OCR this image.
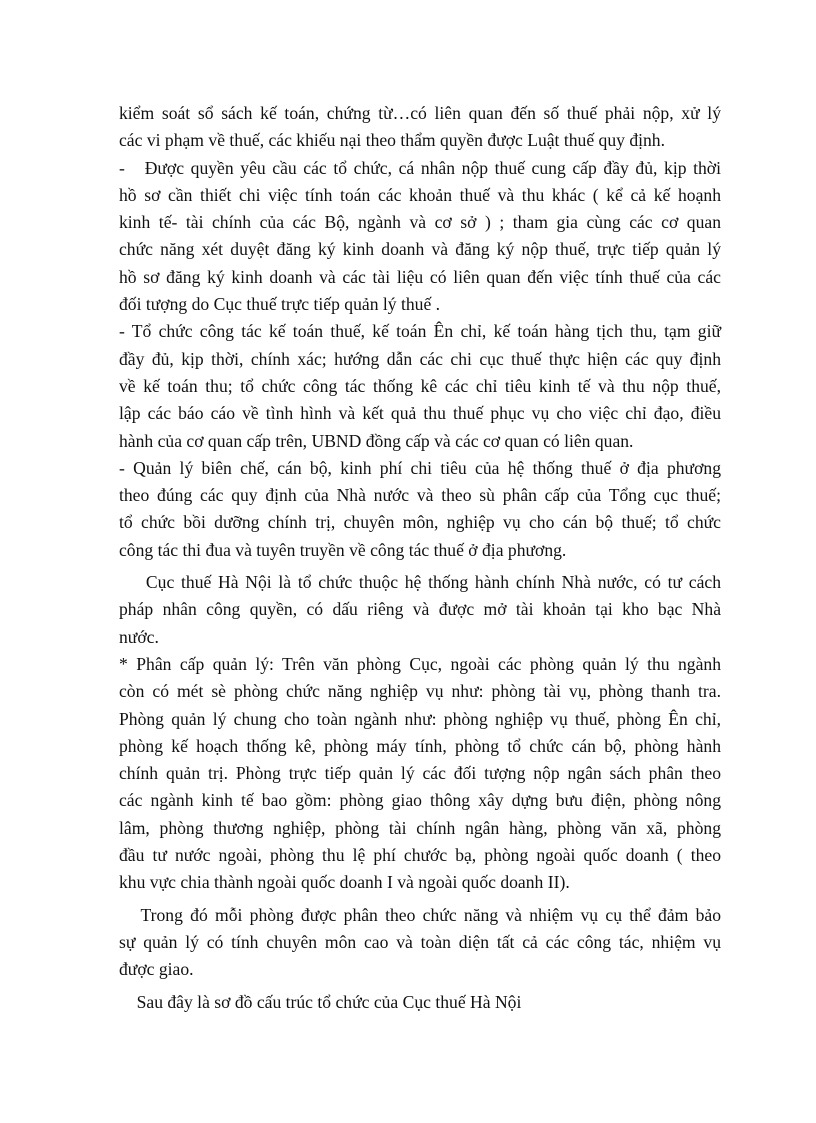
kiểm soát sổ sách kế toán, chứng từ…có liên quan đến số thuế phải nộp, xử lý
các vi phạm về thuế, các khiếu nại theo thẩm quyền được Luật thuế quy định.
-   Được quyền yêu cầu các tổ chức, cá nhân nộp thuế cung cấp đầy đủ, kịp thời
hồ sơ cần thiết chi việc tính toán các khoản thuế và thu khác ( kể cả kế hoạnh
kinh tế- tài chính của các Bộ, ngành và cơ sở ) ; tham gia cùng các cơ quan
chức năng xét duyệt đăng ký kinh doanh và đăng ký nộp thuế, trực tiếp quản lý
hồ sơ đăng ký kinh doanh và các tài liệu có liên quan đến việc tính thuế của các
đối tượng do Cục thuế trực tiếp quản lý thuế .
- Tổ chức công tác kế toán thuế, kế toán Ên chỉ, kế toán hàng tịch thu, tạm giữ
đầy đủ, kịp thời, chính xác; hướng dẫn các chi cục thuế thực hiện các quy định
về kế toán thu; tổ chức công tác thống kê các chỉ tiêu kinh tế và thu nộp thuế,
lập các báo cáo về tình hình và kết quả thu thuế phục vụ cho việc chỉ đạo, điều
hành của cơ quan cấp trên, UBND đồng cấp và các cơ quan có liên quan.
- Quản lý biên chế, cán bộ, kinh phí chi tiêu của hệ thống thuế ở địa phương
theo đúng các quy định của Nhà nước và theo sù phân cấp của Tổng cục thuế;
tổ chức bồi dưỡng chính trị, chuyên môn, nghiệp vụ cho cán bộ thuế; tổ chức
công tác thi đua và tuyên truyền về công tác thuế ở địa phương.
Cục thuế Hà Nội là tổ chức thuộc hệ thống hành chính Nhà nước, có tư cách
pháp nhân công quyền, có dấu riêng và được mở tài khoản tại kho bạc Nhà
nước.
* Phân cấp quản lý: Trên văn phòng Cục, ngoài các phòng quản lý thu ngành
còn có mét sè phòng chức năng nghiệp vụ như: phòng tài vụ, phòng thanh tra.
Phòng quản lý chung cho toàn ngành như: phòng nghiệp vụ thuế, phòng Ên chỉ,
phòng kế hoạch thống kê, phòng máy tính, phòng tổ chức cán bộ, phòng hành
chính quản trị. Phòng trực tiếp quản lý các đối tượng nộp ngân sách phân theo
các ngành kinh tế bao gồm: phòng giao thông xây dựng bưu điện, phòng nông
lâm, phòng thương nghiệp, phòng tài chính ngân hàng, phòng văn xã, phòng
đầu tư nước ngoài, phòng thu lệ phí chước bạ, phòng ngoài quốc doanh ( theo
khu vực chia thành ngoài quốc doanh I và ngoài quốc doanh II).
Trong đó mỗi phòng được phân theo chức năng và nhiệm vụ cụ thể đảm bảo
sự quản lý có tính chuyên môn cao và toàn diện tất cả các công tác, nhiệm vụ
được giao.
Sau đây là sơ đồ cấu trúc tổ chức của Cục thuế Hà Nội
